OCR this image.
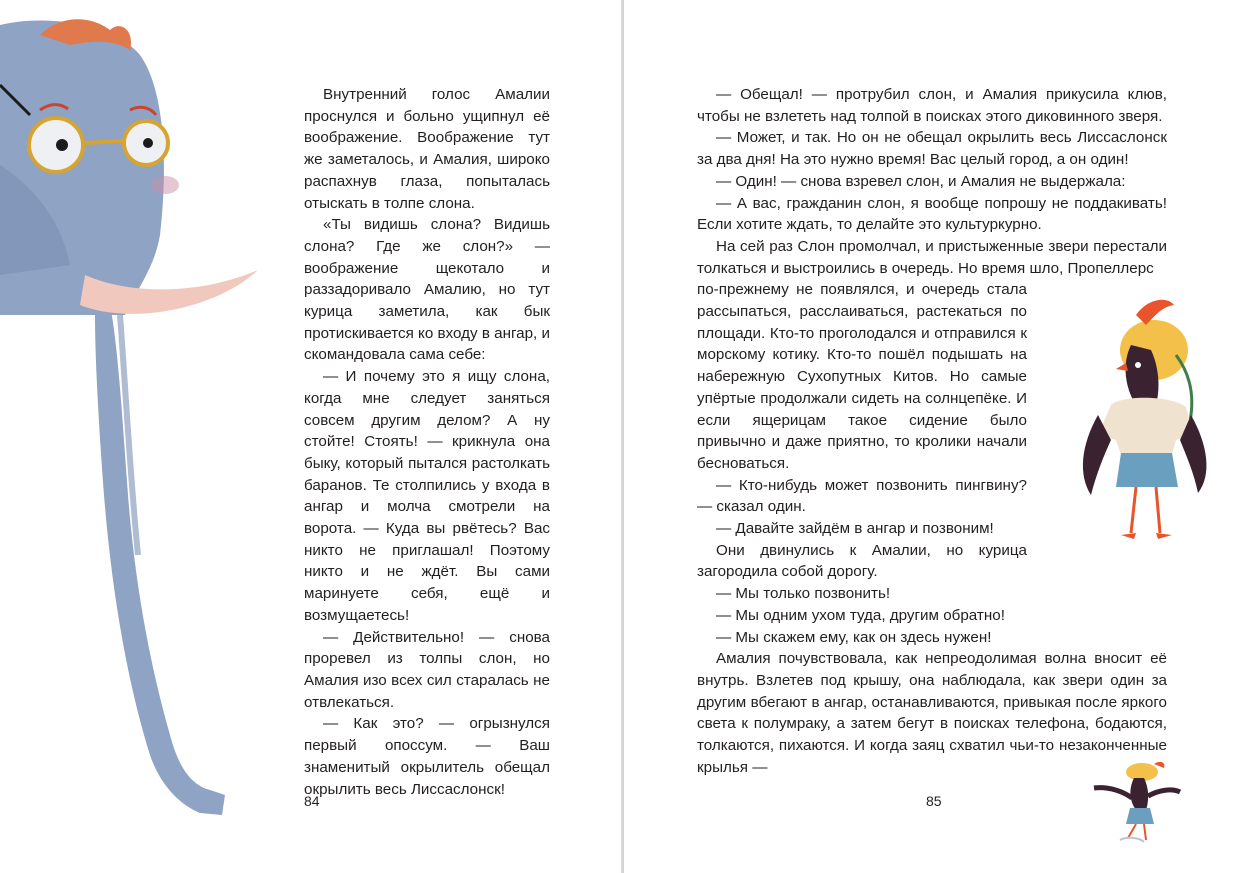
Внутренний голос Амалии проснулся и больно ущипнул её воображение. Воображение тут же заметалось, и Амалия, широко распахнув глаза, попыталась отыскать в толпе слона.

«Ты видишь слона? Видишь слона? Где же слон?» — воображение щекотало и раззадоривало Амалию, но тут курица заметила, как бык протискивается ко входу в ангар, и скомандовала сама себе:

— И почему это я ищу слона, когда мне следует заняться совсем другим делом? А ну стойте! Стоять! — крикнула она быку, который пытался растолкать баранов. Те столпились у входа в ангар и молча смотрели на ворота. — Куда вы рвётесь? Вас никто не приглашал! Поэтому никто и не ждёт. Вы сами маринуете себя, ещё и возмущаетесь!

— Действительно! — снова проревел из толпы слон, но Амалия изо всех сил старалась не отвлекаться.

— Как это? — огрызнулся первый опоссум. — Ваш знаменитый окрылитель обещал окрылить весь Лиссаслонск!

84

— Обещал! — протрубил слон, и Амалия прикусила клюв, чтобы не взлететь над толпой в поисках этого диковинного зверя.

— Может, и так. Но он не обещал окрылить весь Лиссаслонск за два дня! На это нужно время! Вас целый город, а он один!

— Один! — снова взревел слон, и Амалия не выдержала:

— А вас, гражданин слон, я вообще попрошу не поддакивать! Если хотите ждать, то делайте это культуркурно.

На сей раз Слон промолчал, и пристыженные звери перестали толкаться и выстроились в очередь. Но время шло, Пропеллерс

по-прежнему не появлялся, и очередь стала рассыпаться, расслаиваться, растекаться по площади. Кто-то проголодался и отправился к морскому котику. Кто-то пошёл подышать на набережную Сухопутных Китов. Но самые упёртые продолжали сидеть на солнцепёке. И если ящерицам такое сидение было привычно и даже приятно, то кролики начали бесноваться.

— Кто-нибудь может позвонить пингвину? — сказал один.

— Давайте зайдём в ангар и позвоним!

Они двинулись к Амалии, но курица загородила собой дорогу.

— Мы только позвонить!

— Мы одним ухом туда, другим обратно!

— Мы скажем ему, как он здесь нужен!

Амалия почувствовала, как непреодолимая волна вносит её внутрь. Взлетев под крышу, она наблюдала, как звери один за другим вбегают в ангар, останавливаются, привыкая после яркого света к полумраку, а затем бегут в поисках телефона, бодаются, толкаются, пихаются. И когда заяц схватил чьи-то незаконченные крылья —

85
